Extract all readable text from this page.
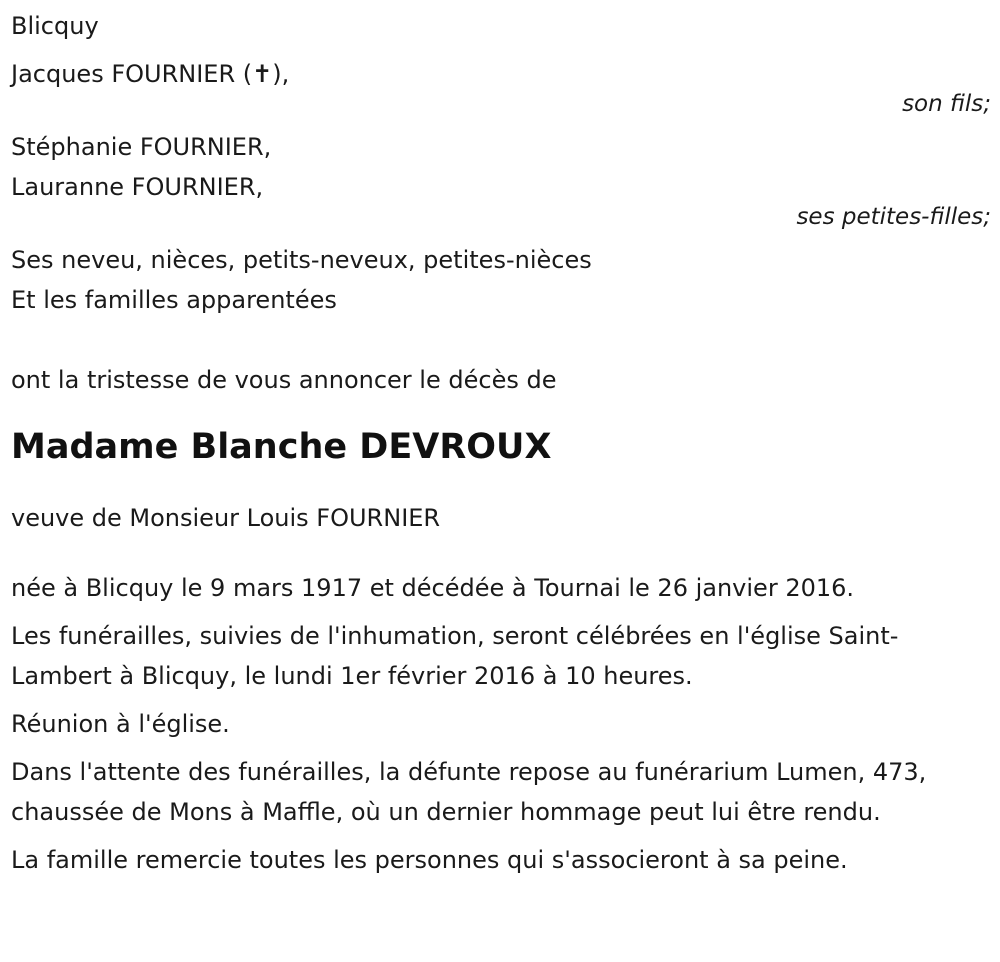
Blicquy
Jacques FOURNIER (✝),
son fils;
Stéphanie FOURNIER,
Lauranne FOURNIER,
ses petites-filles;
Ses neveu, nièces, petits-neveux, petites-nièces
Et les familles apparentées
ont la tristesse de vous annoncer le décès de
Madame Blanche DEVROUX
veuve de Monsieur Louis FOURNIER
née à Blicquy le 9 mars 1917 et décédée à Tournai le 26 janvier 2016.
Les funérailles, suivies de l'inhumation, seront célébrées en l'église Saint-Lambert à Blicquy, le lundi 1er février 2016 à 10 heures.
Réunion à l'église.
Dans l'attente des funérailles, la défunte repose au funérarium Lumen, 473, chaussée de Mons à Maffle, où un dernier hommage peut lui être rendu.
La famille remercie toutes les personnes qui s'associeront à sa peine.
